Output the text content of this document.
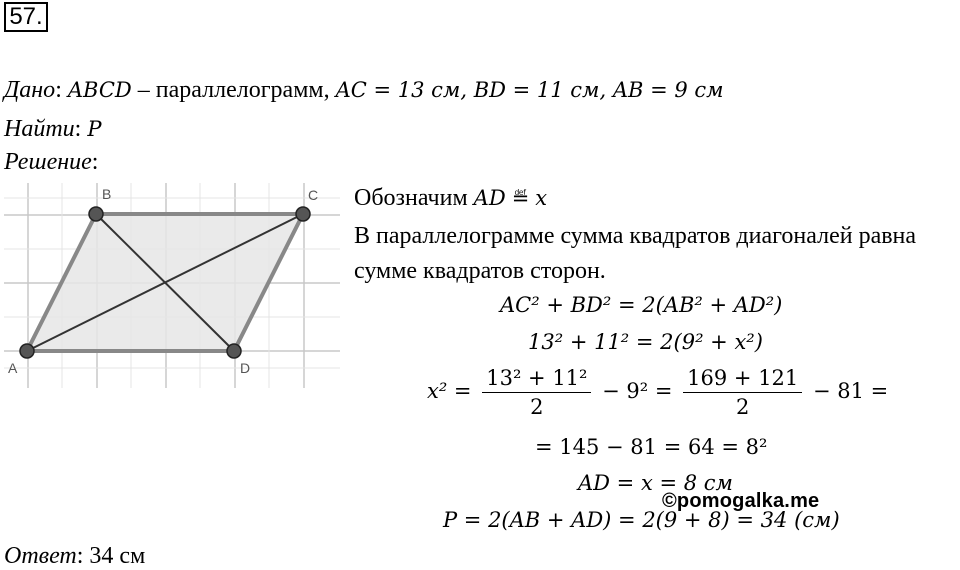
57.
Дано: ABCD – параллелограмм, AC = 13 см, BD = 11 см, AB = 9 см
Найти: P
Решение:
A
B	C
D
Обозначим AD ≝ x
В параллелограмме сумма квадратов диагоналей равна
сумме квадратов сторон.
AC² + BD² = 2(AB² + AD²)
13² + 11² = 2(9² + x²)
$x^2 = \frac{\text{13² + 11²}}{2} - 9^2 = \frac{169 + 121}{2} - 81$ =
= 145 − 81 = 64 = 8²
AD = x = 8 см
P = 2(AB + AD) = 2(9 + 8) = 34 (см)
©pomogalka.me
Ответ: 34 см
